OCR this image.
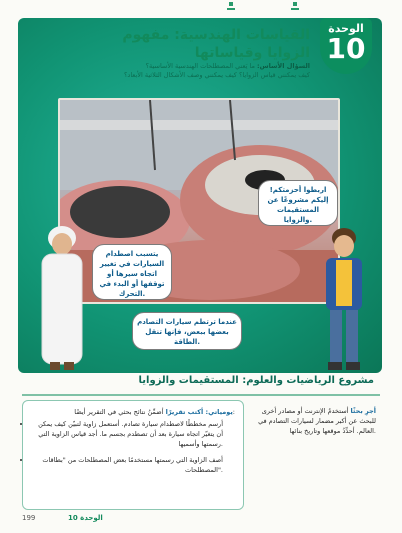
الوحدة
10
القياسات الهندسية: مفهوم الزوايا وقياساتها
السؤال الأساس: ما يَعني المصطلحات الهندسية الأساسية؟
كيف يمكنني قياس الزوايا؟ كيف يمكنني وصف الأشكال الثلاثية الأبعاد؟
اربطوا أحزمتكم! إليكم مشروعًا عن المستقيمات والزوايا.
يتسبب اصطدام السيارات في تغيير اتجاه سيرها أو توقفها أو البدء في التحرك.
عندما ترتطم سيارات التصادم بعضها ببعض، فإنها تنقل الطاقة.
مشروع الرياضيات والعلوم: المستقيمات والزوايا
أجرِ بحثًا أستخدمُ الإنترنت أو مصادر أخرى للبحث عن أكبر مضمار لسيارات التصادم في العالم. أحدِّدُ موقعها وتاريخ بنائها.
يومياتي: أكتب تقريرًا أضمِّنُ نتائج بحثي في التقرير أيضًا:
• أرسم مخططًا لاصطدام سيارة تصادم. أستعمل زاوية لتبيّن كيف يمكن أن يتغيّر اتجاه سيارة بعد أن تصطدم بجسم ما. أجد قياس الزاوية التي رسمتها وأسميها.
• أصف الزاوية التي رسمتها مستخدمًا بعض المصطلحات من "بطاقات المصطلحات".
199	الوحدة 10
